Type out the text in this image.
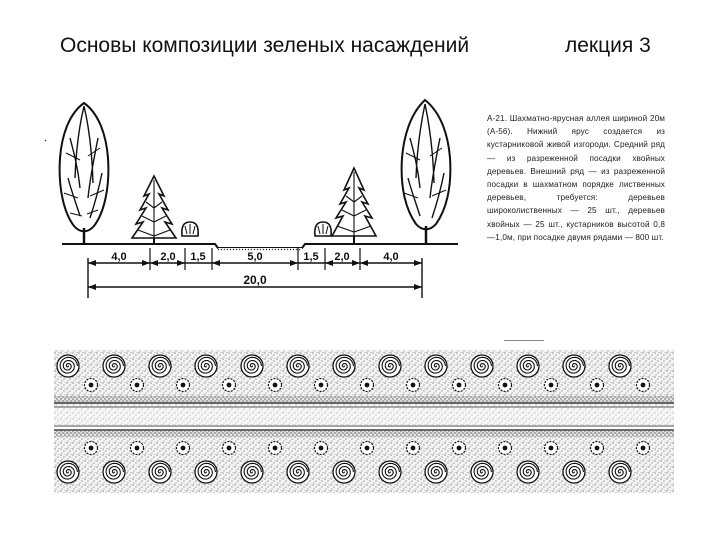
Основы композиции зеленых насаждений	лекция 3
4,0	2,0 1,5	5,0	1,5 2,0	4,0
20,0
А-21. Шахматно-ярусная аллея шириной 20м (А-56). Нижний ярус создается из кустарниковой живой изгороди. Средний ряд — из разреженной посадки хвойных деревьев. Внешний ряд — из разреженной посадки в шахматном порядке лиственных деревьев, требуется: деревьев широколиственных — 25 шт., деревьев хвойных — 25 шт., кустарников высотой 0,8—1,0м, при посадке двумя рядами — 800 шт.
